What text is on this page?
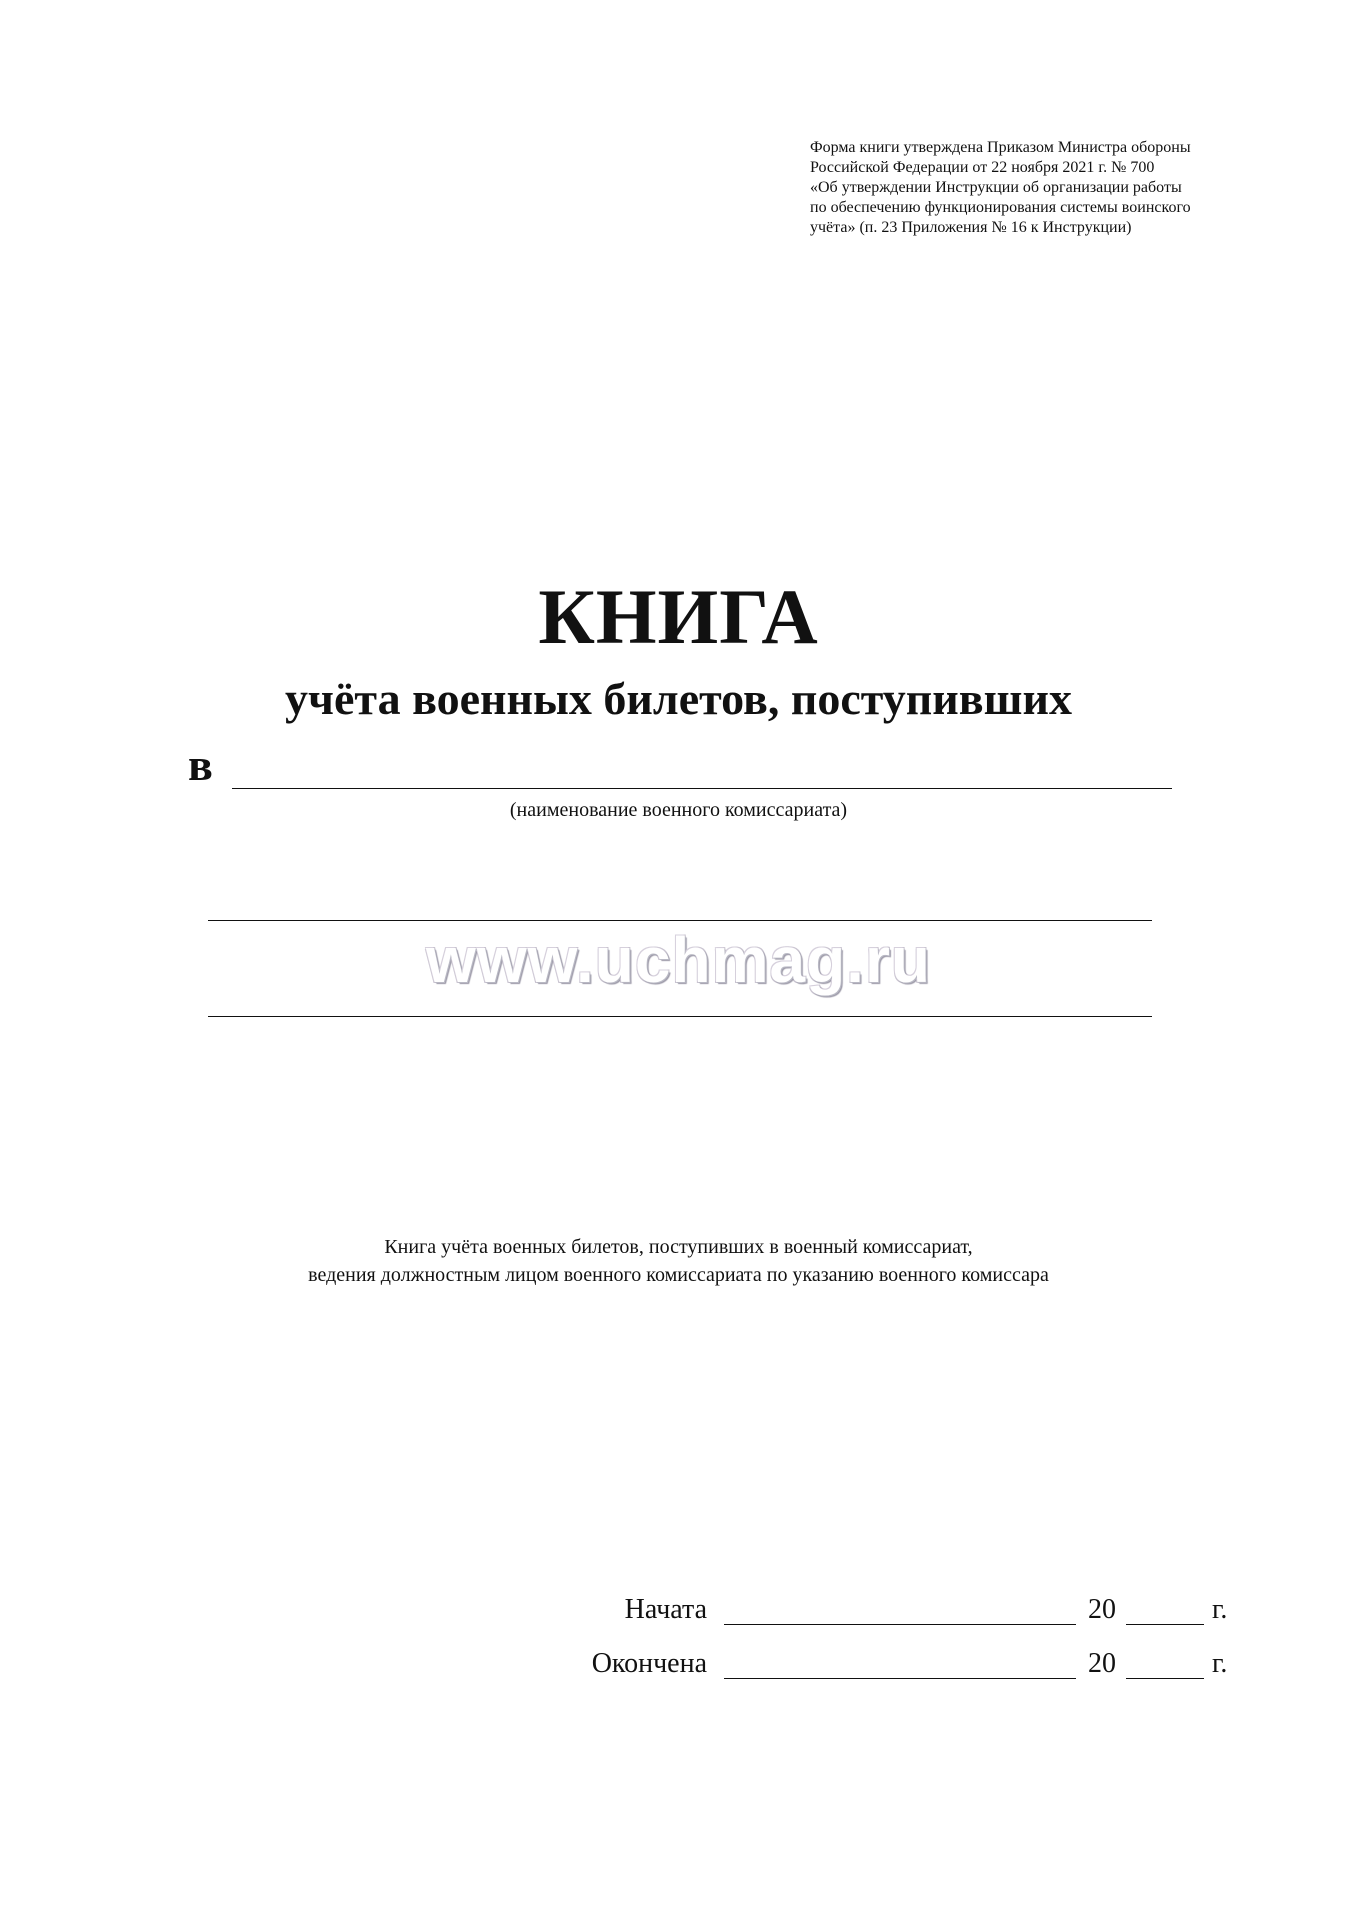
Форма книги утверждена Приказом Министра обороны
Российской Федерации от 22 ноября 2021 г. № 700
«Об утверждении Инструкции об организации работы
по обеспечению функционирования системы воинского
учёта» (п. 23 Приложения № 16 к Инструкции)
КНИГА
учёта военных билетов, поступивших
в
(наименование военного комиссариата)
www.uchmag.ru
Книга учёта военных билетов, поступивших в военный комиссариат,
ведения должностным лицом военного комиссариата по указанию военного комиссара
Начата	20	г.
Окончена	20	г.
